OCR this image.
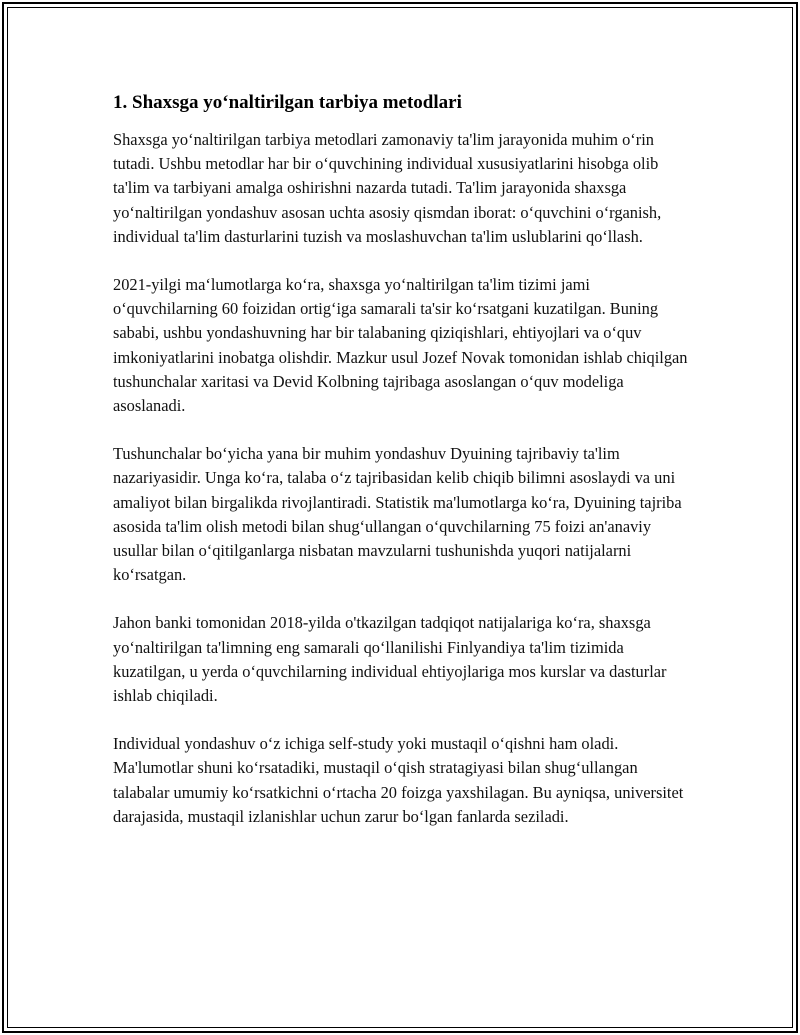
1. Shaxsga yo‘naltirilgan tarbiya metodlari

Shaxsga yo‘naltirilgan tarbiya metodlari zamonaviy ta'lim jarayonida muhim o‘rin tutadi. Ushbu metodlar har bir o‘quvchining individual xususiyatlarini hisobga olib ta'lim va tarbiyani amalga oshirishni nazarda tutadi. Ta'lim jarayonida shaxsga yo‘naltirilgan yondashuv asosan uchta asosiy qismdan iborat: o‘quvchini o‘rganish, individual ta'lim dasturlarini tuzish va moslashuvchan ta'lim uslublarini qo‘llash.

2021-yilgi ma‘lumotlarga ko‘ra, shaxsga yo‘naltirilgan ta'lim tizimi jami o‘quvchilarning 60 foizidan ortig‘iga samarali ta'sir ko‘rsatgani kuzatilgan. Buning sababi, ushbu yondashuvning har bir talabaning qiziqishlari, ehtiyojlari va o‘quv imkoniyatlarini inobatga olishdir. Mazkur usul Jozef Novak tomonidan ishlab chiqilgan tushunchalar xaritasi va Devid Kolbning tajribaga asoslangan o‘quv modeliga asoslanadi.

Tushunchalar bo‘yicha yana bir muhim yondashuv Dyuining tajribaviy ta'lim nazariyasidir. Unga ko‘ra, talaba o‘z tajribasidan kelib chiqib bilimni asoslaydi va uni amaliyot bilan birgalikda rivojlantiradi. Statistik ma'lumotlarga ko‘ra, Dyuining tajriba asosida ta'lim olish metodi bilan shug‘ullangan o‘quvchilarning 75 foizi an'anaviy usullar bilan o‘qitilganlarga nisbatan mavzularni tushunishda yuqori natijalarni ko‘rsatgan.

Jahon banki tomonidan 2018-yilda o'tkazilgan tadqiqot natijalariga ko‘ra, shaxsga yo‘naltirilgan ta'limning eng samarali qo‘llanilishi Finlyandiya ta'lim tizimida kuzatilgan, u yerda o‘quvchilarning individual ehtiyojlariga mos kurslar va dasturlar ishlab chiqiladi.

Individual yondashuv o‘z ichiga self-study yoki mustaqil o‘qishni ham oladi. Ma'lumotlar shuni ko‘rsatadiki, mustaqil o‘qish stratagiyasi bilan shug‘ullangan talabalar umumiy ko‘rsatkichni o‘rtacha 20 foizga yaxshilagan. Bu ayniqsa, universitet darajasida, mustaqil izlanishlar uchun zarur bo‘lgan fanlarda seziladi.
